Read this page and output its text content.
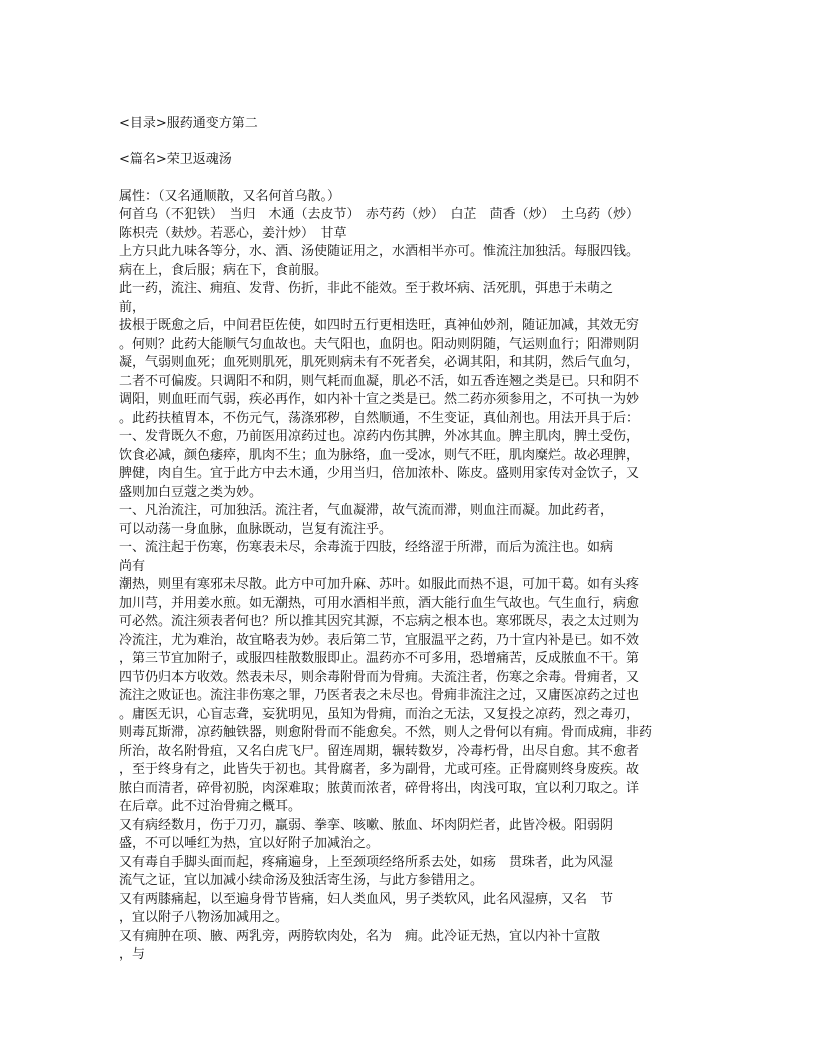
<目录>服药通变方第二

<篇名>荣卫返魂汤

属性：（又名通顺散，又名何首乌散。）

何首乌（不犯铁）　当归　木通（去皮节）　赤芍药（炒）　白芷　茴香（炒）　土乌药（炒）

陈枳壳（麸炒。若恶心，姜汁炒）　甘草

上方只此九味各等分，水、酒、汤使随证用之，水酒相半亦可。惟流注加独活。每服四钱。

病在上，食后服；病在下，食前服。

此一药，流注、痈疽、发背、伤折，非此不能效。至于救坏病、活死肌，弭患于未萌之

前，

拔根于既愈之后，中间君臣佐使，如四时五行更相迭旺，真神仙妙剂，随证加减，其效无穷

。何则？此药大能顺气匀血故也。夫气阳也，血阴也。阳动则阴随，气运则血行；阳滞则阴

凝，气弱则血死；血死则肌死，肌死则病未有不死者矣，必调其阳，和其阴，然后气血匀，

二者不可偏废。只调阳不和阴，则气耗而血凝，肌必不活，如五香连翘之类是已。只和阴不

调阳，则血旺而气弱，疾必再作，如内补十宣之类是已。然二药亦须参用之，不可执一为妙

。此药扶植胃本，不伤元气，荡涤邪秽，自然顺通，不生变证，真仙剂也。用法开具于后：

一、发背既久不愈，乃前医用凉药过也。凉药内伤其脾，外冰其血。脾主肌肉，脾土受伤，

饮食必减，颜色痿瘁，肌肉不生；血为脉络，血一受冰，则气不旺，肌肉糜烂。故必理脾，

脾健，肉自生。宜于此方中去木通，少用当归，倍加浓朴、陈皮。盛则用家传对金饮子，又

盛则加白豆蔻之类为妙。

一、凡治流注，可加独活。流注者，气血凝滞，故气流而滞，则血注而凝。加此药者，

可以动荡一身血脉，血脉既动，岂复有流注乎。

一、流注起于伤寒，伤寒表未尽，余毒流于四肢，经络涩于所滞，而后为流注也。如病

尚有

潮热，则里有寒邪未尽散。此方中可加升麻、苏叶。如服此而热不退，可加干葛。如有头疼

加川芎，并用姜水煎。如无潮热，可用水酒相半煎，酒大能行血生气故也。气生血行，病愈

可必然。流注须表者何也？所以推其因究其源，不忘病之根本也。寒邪既尽，表之太过则为

冷流注，尤为难治，故宜略表为妙。表后第二节，宜服温平之药，乃十宣内补是已。如不效

，第三节宜加附子，或服四桂散数服即止。温药亦不可多用，恐增痛苦，反成脓血不干。第

四节仍归本方收效。然表未尽，则余毒附骨而为骨痈。夫流注者，伤寒之余毒。骨痈者，又

流注之败证也。流注非伤寒之罪，乃医者表之未尽也。骨痈非流注之过，又庸医凉药之过也

。庸医无识，心盲志聋，妄犹明见，虽知为骨痈，而治之无法，又复投之凉药，烈之毒刃，

则毒瓦斯滞，凉药触铁器，则愈附骨而不能愈矣。不然，则人之骨何以有痈。骨而成痈，非药

所治，故名附骨疽，又名白虎飞尸。留连周期，辗转数岁，冷毒朽骨，出尽自愈。其不愈者

，至于终身有之，此皆失于初也。其骨腐者，多为副骨，尤或可痊。正骨腐则终身废疾。故

脓白而清者，碎骨初脱，肉深难取；脓黄而浓者，碎骨将出，肉浅可取，宜以利刀取之。详

在后章。此不过治骨痈之概耳。

又有病经数月，伤于刀刃，羸弱、拳挛、咳嗽、脓血、坏肉阴烂者，此皆冷极。阳弱阴

盛，不可以唾红为热，宜以好附子加减治之。

又有毒自手脚头面而起，疼痛遍身，上至颈项经络所系去处，如疡　贯珠者，此为风湿

流气之证，宜以加减小续命汤及独活寄生汤，与此方参错用之。

又有两膝痛起，以至遍身骨节皆痛，妇人类血风，男子类软风，此名风湿痹，又名　节

，宜以附子八物汤加减用之。

又有痈肿在项、腋、两乳旁，两胯软肉处，名为　痈。此冷证无热，宜以内补十宣散

，与
